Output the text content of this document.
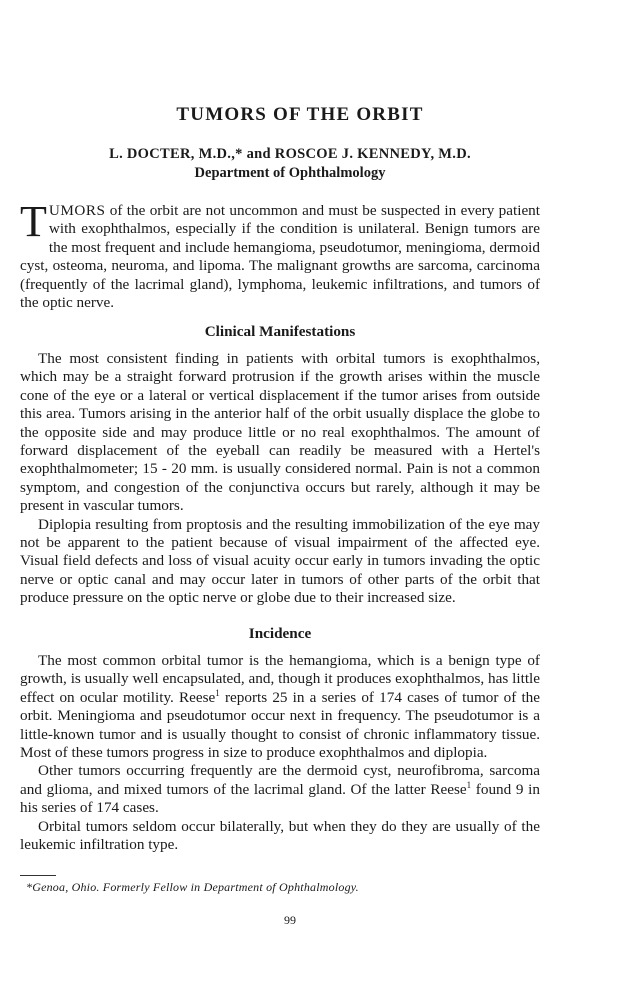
TUMORS OF THE ORBIT
L. DOCTER, M.D.,* and ROSCOE J. KENNEDY, M.D.
Department of Ophthalmology

TUMORS of the orbit are not uncommon and must be suspected in every patient with exophthalmos, especially if the condition is unilateral. Benign tumors are the most frequent and include hemangioma, pseudotumor, meningioma, dermoid cyst, osteoma, neuroma, and lipoma. The malignant growths are sarcoma, carcinoma (frequently of the lacrimal gland), lymphoma, leukemic infiltrations, and tumors of the optic nerve.

Clinical Manifestations

The most consistent finding in patients with orbital tumors is exophthalmos, which may be a straight forward protrusion if the growth arises within the muscle cone of the eye or a lateral or vertical displacement if the tumor arises from outside this area. Tumors arising in the anterior half of the orbit usually displace the globe to the opposite side and may produce little or no real exophthalmos. The amount of forward displacement of the eyeball can readily be measured with a Hertel's exophthalmometer; 15 - 20 mm. is usually considered normal. Pain is not a common symptom, and congestion of the conjunctiva occurs but rarely, although it may be present in vascular tumors.

Diplopia resulting from proptosis and the resulting immobilization of the eye may not be apparent to the patient because of visual impairment of the affected eye. Visual field defects and loss of visual acuity occur early in tumors invading the optic nerve or optic canal and may occur later in tumors of other parts of the orbit that produce pressure on the optic nerve or globe due to their increased size.

Incidence

The most common orbital tumor is the hemangioma, which is a benign type of growth, is usually well encapsulated, and, though it produces exophthalmos, has little effect on ocular motility. Reese$^1$ reports 25 in a series of 174 cases of tumor of the orbit. Meningioma and pseudotumor occur next in frequency. The pseudotumor is a little-known tumor and is usually thought to consist of chronic inflammatory tissue. Most of these tumors progress in size to produce exophthalmos and diplopia.

Other tumors occurring frequently are the dermoid cyst, neurofibroma, sarcoma and glioma, and mixed tumors of the lacrimal gland. Of the latter Reese$^1$ found 9 in his series of 174 cases.

Orbital tumors seldom occur bilaterally, but when they do they are usually of the leukemic infiltration type.

*Genoa, Ohio. Formerly Fellow in Department of Ophthalmology.
99
